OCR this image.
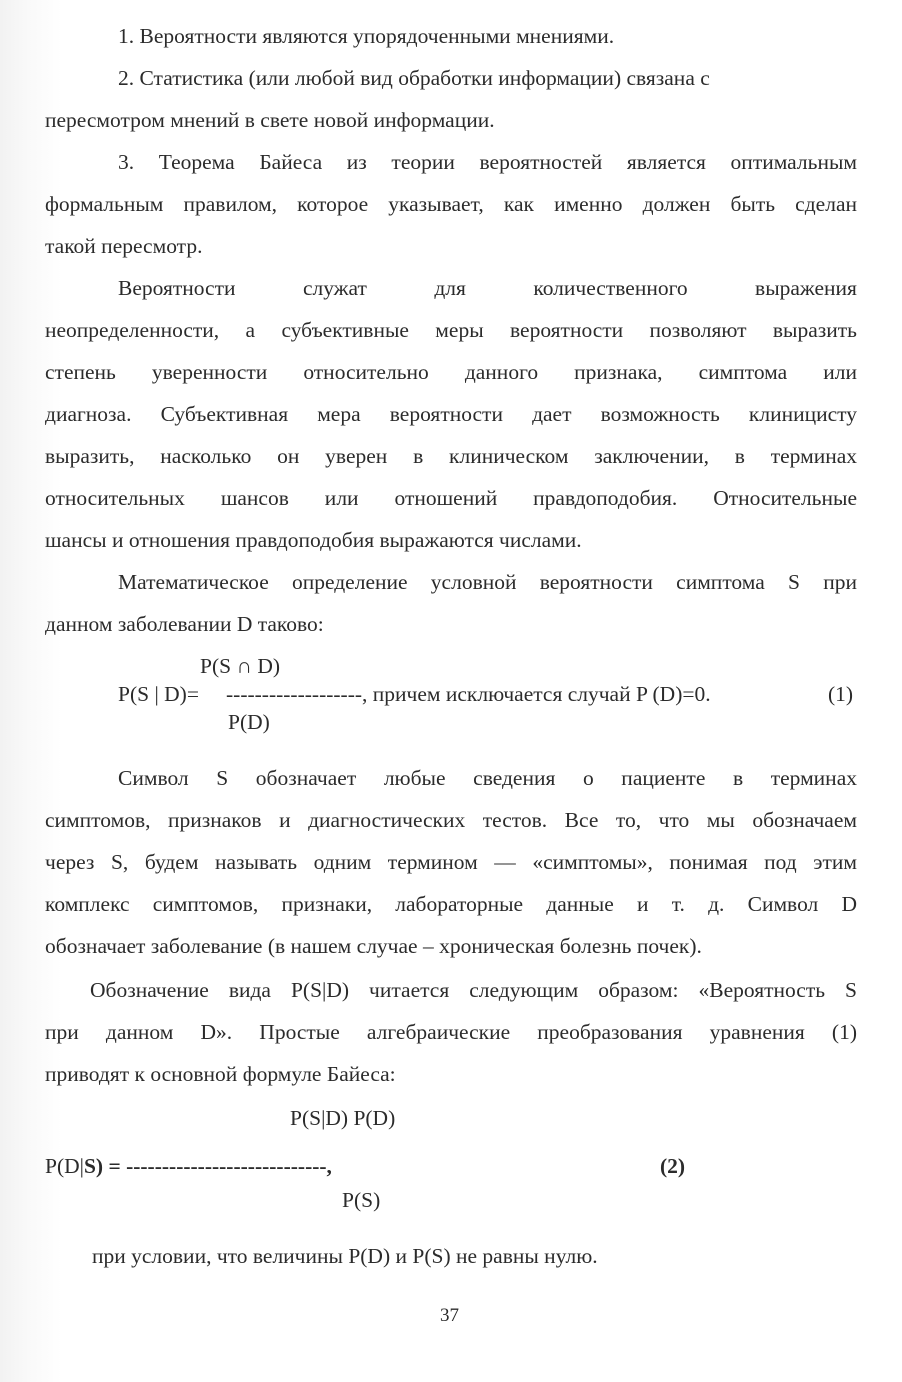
1. Вероятности являются упорядоченными мнениями.
2. Статистика (или любой вид обработки информации) связана с
пересмотром мнений в свете новой информации.
3. Теорема Байеса из теории вероятностей является оптимальным
формальным правилом, которое указывает, как именно должен быть сделан
такой пересмотр.
Вероятности	служат	для	количественного	выражения
неопределенности, а субъективные меры вероятности позволяют выразить
степень уверенности относительно данного признака, симптома или
диагноза. Субъективная мера вероятности дает возможность клиницисту
выразить, насколько он уверен в клиническом заключении, в терминах
относительных шансов или отношений правдоподобия. Относительные
шансы и отношения правдоподобия выражаются числами.
Математическое определение условной вероятности симптома S при
данном заболевании D таково:
P(S ∩ D)
P(S | D)= -------------------, причем исключается случай P (D)=0.	(1)
P(D)
Символ S обозначает любые сведения о пациенте в терминах
симптомов, признаков и диагностических тестов. Все то, что мы обозначаем
через S, будем называть одним термином — «симптомы», понимая под этим
комплекс симптомов, признаки, лабораторные данные и т. д. Символ D
обозначает заболевание (в нашем случае – хроническая болезнь почек).
Обозначение вида P(S|D) читается следующим образом: «Вероятность S
при данном D». Простые алгебраические преобразования уравнения (1)
приводят к основной формуле Байеса:
P(S|D) P(D)
P(D|S) = ----------------------------,	(2)
P(S)
при условии, что величины P(D) и P(S) не равны нулю.
37
